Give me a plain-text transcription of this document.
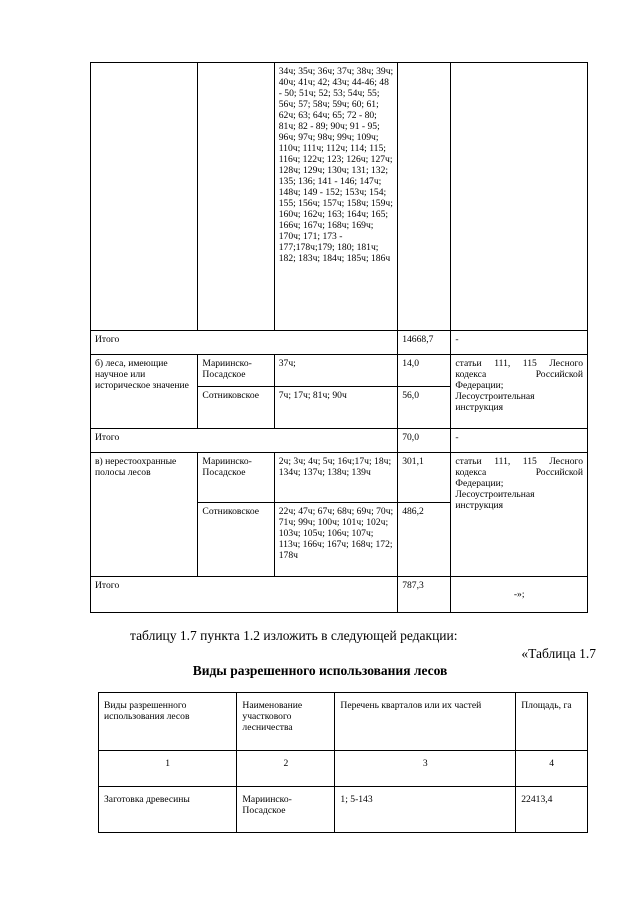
		34ч; 35ч; 36ч; 37ч; 38ч; 39ч; 40ч; 41ч; 42; 43ч; 44-46; 48 - 50; 51ч; 52; 53; 54ч; 55; 56ч; 57; 58ч; 59ч; 60; 61; 62ч; 63; 64ч; 65; 72 - 80; 81ч; 82 - 89; 90ч; 91 - 95; 96ч; 97ч; 98ч; 99ч; 109ч; 110ч; 111ч; 112ч; 114; 115; 116ч; 122ч; 123; 126ч; 127ч; 128ч; 129ч; 130ч; 131; 132; 135; 136; 141 - 146; 147ч; 148ч; 149 - 152; 153ч; 154; 155; 156ч; 157ч; 158ч; 159ч; 160ч; 162ч; 163; 164ч; 165; 166ч; 167ч; 168ч; 169ч; 170ч; 171; 173 - 177;178ч;179; 180; 181ч; 182; 183ч; 184ч; 185ч; 186ч		
Итого			14668,7	-
б) леса, имеющие научное или историческое значение	Мариинско-Посадское	37ч;	14,0	статьи 111, 115 Лесного кодекса Российской Федерации;
Лесоустроительная инструкция

	Сотниковское	7ч; 17ч; 81ч; 90ч	56,0	
Итого			70,0	-
в) нерестоохранные полосы лесов	Мариинско-Посадское	2ч; 3ч; 4ч; 5ч; 16ч;17ч; 18ч; 134ч; 137ч; 138ч; 139ч	301,1	статьи 111, 115 Лесного кодекса Российской Федерации;
Лесоустроительная инструкция

	Сотниковское	22ч; 47ч; 67ч; 68ч; 69ч; 70ч; 71ч; 99ч; 100ч; 101ч; 102ч; 103ч; 105ч; 106ч; 107ч; 113ч; 166ч; 167ч; 168ч; 172; 178ч	486,2	
Итого			787,3	-»;

таблицу 1.7 пункта 1.2 изложить в следующей редакции:

«Таблица 1.7

Виды разрешенного использования лесов

Виды разрешенного использования лесов	Наименование участкового лесничества	Перечень кварталов или их частей	Площадь, га
1	2	3	4
Заготовка древесины	Мариинско-Посадское	1; 5-143	22413,4
